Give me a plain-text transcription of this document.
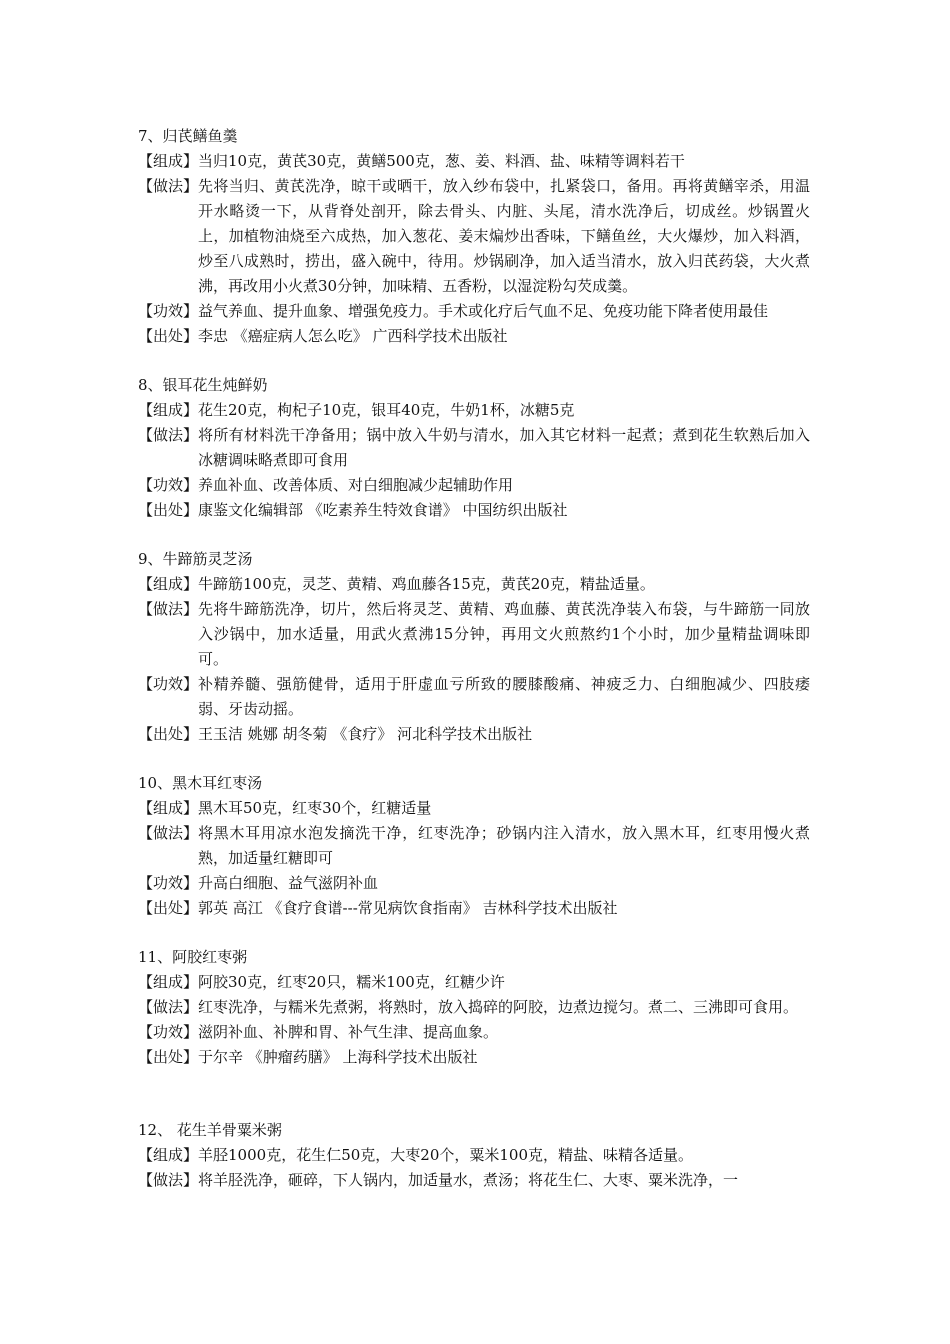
7、归芪鳝鱼羹
【组成】 当归10克，黄芪30克，黄鳝500克，葱、姜、料酒、盐、味精等调料若干
【做法】 先将当归、黄芪洗净，晾干或晒干，放入纱布袋中，扎紧袋口，备用。再将黄鳝宰杀，用温开水略烫一下，从背脊处剖开，除去骨头、内脏、头尾，清水洗净后，切成丝。炒锅置火上，加植物油烧至六成热，加入葱花、姜末煸炒出香味，下鳝鱼丝，大火爆炒，加入料酒，炒至八成熟时，捞出，盛入碗中，待用。炒锅刷净，加入适当清水，放入归芪药袋，大火煮沸，再改用小火煮30分钟，加味精、五香粉，以湿淀粉勾芡成羹。
【功效】 益气养血、提升血象、增强免疫力。手术或化疗后气血不足、免疫功能下降者使用最佳
【出处】 李忠 《癌症病人怎么吃》 广西科学技术出版社
8、银耳花生炖鲜奶
【组成】 花生20克，枸杞子10克，银耳40克，牛奶1杯，冰糖5克
【做法】 将所有材料洗干净备用；锅中放入牛奶与清水，加入其它材料一起煮；煮到花生软熟后加入冰糖调味略煮即可食用
【功效】 养血补血、改善体质、对白细胞减少起辅助作用
【出处】 康鉴文化编辑部 《吃素养生特效食谱》 中国纺织出版社
9、牛蹄筋灵芝汤
【组成】 牛蹄筋100克，灵芝、黄精、鸡血藤各15克，黄芪20克，精盐适量。
【做法】 先将牛蹄筋洗净，切片，然后将灵芝、黄精、鸡血藤、黄芪洗净装入布袋，与牛蹄筋一同放入沙锅中，加水适量，用武火煮沸15分钟，再用文火煎熬约1个小时，加少量精盐调味即可。
【功效】 补精养髓、强筋健骨，适用于肝虚血亏所致的腰膝酸痛、神疲乏力、白细胞减少、四肢痿弱、牙齿动摇。
【出处】 王玉洁 姚娜 胡冬菊 《食疗》 河北科学技术出版社
10、黑木耳红枣汤
【组成】 黑木耳50克，红枣30个，红糖适量
【做法】 将黑木耳用凉水泡发摘洗干净，红枣洗净；砂锅内注入清水，放入黑木耳，红枣用慢火煮熟，加适量红糖即可
【功效】 升高白细胞、益气滋阴补血
【出处】 郭英 高江 《食疗食谱---常见病饮食指南》 吉林科学技术出版社
11、阿胶红枣粥
【组成】 阿胶30克，红枣20只，糯米100克，红糖少许
【做法】 红枣洗净，与糯米先煮粥，将熟时，放入捣碎的阿胶，边煮边搅匀。煮二、三沸即可食用。
【功效】 滋阴补血、补脾和胃、补气生津、提高血象。
【出处】 于尔辛 《肿瘤药膳》 上海科学技术出版社
12、 花生羊骨粟米粥
【组成】 羊胫1000克，花生仁50克，大枣20个，粟米100克，精盐、味精各适量。
【做法】 将羊胫洗净，砸碎，下人锅内，加适量水，煮汤；将花生仁、大枣、粟米洗净，一
